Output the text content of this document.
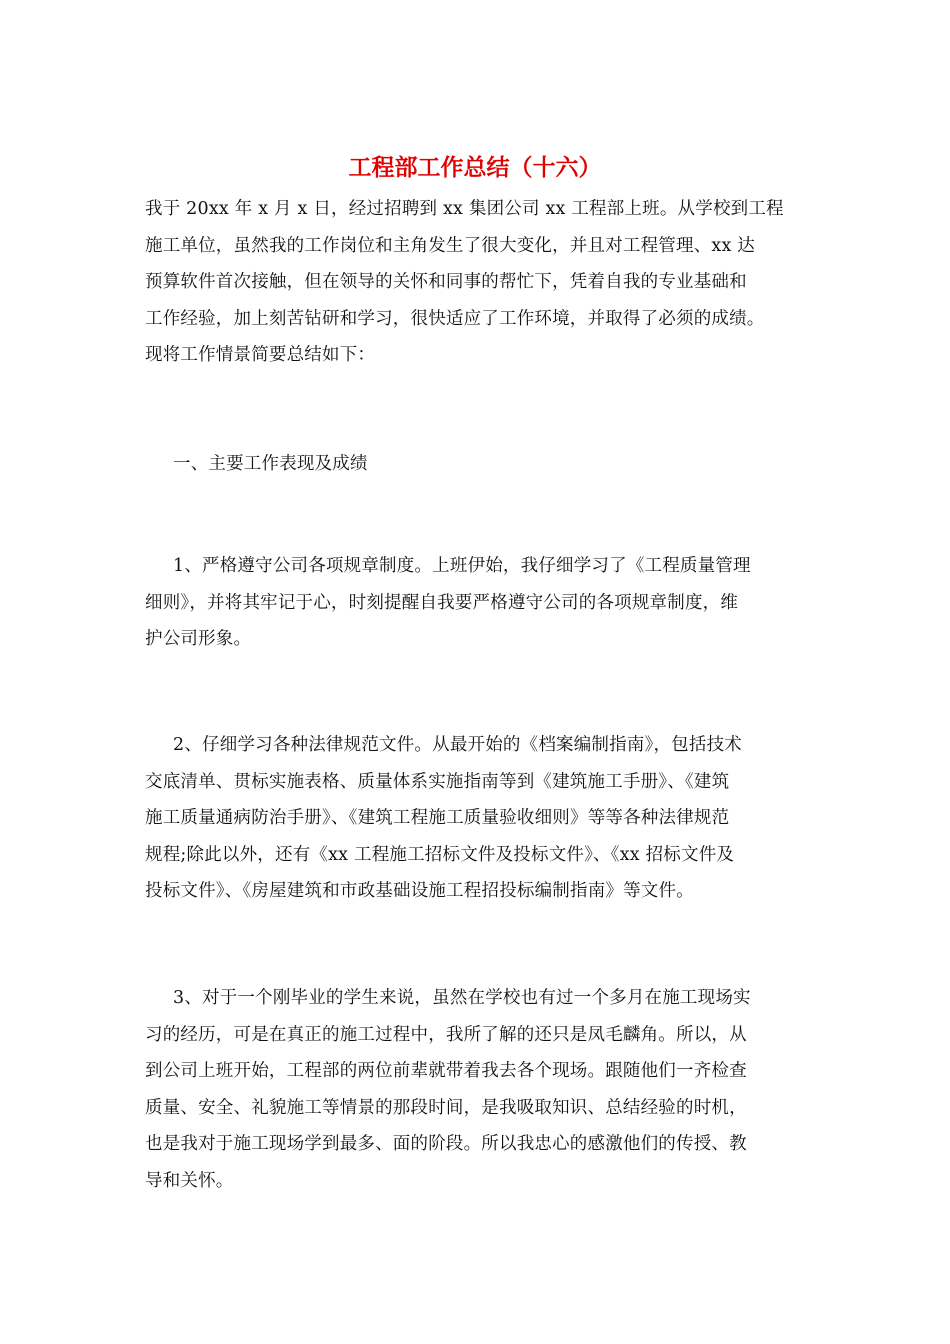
工程部工作总结（十六）

我于 20xx 年 x 月 x 日，经过招聘到 xx 集团公司 xx 工程部上班。从学校到工程
施工单位，虽然我的工作岗位和主角发生了很大变化，并且对工程管理、xx 达
预算软件首次接触，但在领导的关怀和同事的帮忙下，凭着自我的专业基础和
工作经验，加上刻苦钻研和学习，很快适应了工作环境，并取得了必须的成绩。
现将工作情景简要总结如下：

一、主要工作表现及成绩

1、严格遵守公司各项规章制度。上班伊始，我仔细学习了《工程质量管理
细则》，并将其牢记于心，时刻提醒自我要严格遵守公司的各项规章制度，维
护公司形象。

2、仔细学习各种法律规范文件。从最开始的《档案编制指南》，包括技术
交底清单、贯标实施表格、质量体系实施指南等到《建筑施工手册》、《建筑
施工质量通病防治手册》、《建筑工程施工质量验收细则》等等各种法律规范
规程;除此以外，还有《xx 工程施工招标文件及投标文件》、《xx 招标文件及
投标文件》、《房屋建筑和市政基础设施工程招投标编制指南》等文件。

3、对于一个刚毕业的学生来说，虽然在学校也有过一个多月在施工现场实
习的经历，可是在真正的施工过程中，我所了解的还只是凤毛麟角。所以，从
到公司上班开始，工程部的两位前辈就带着我去各个现场。跟随他们一齐检查
质量、安全、礼貌施工等情景的那段时间，是我吸取知识、总结经验的时机，
也是我对于施工现场学到最多、面的阶段。所以我忠心的感激他们的传授、教
导和关怀。
